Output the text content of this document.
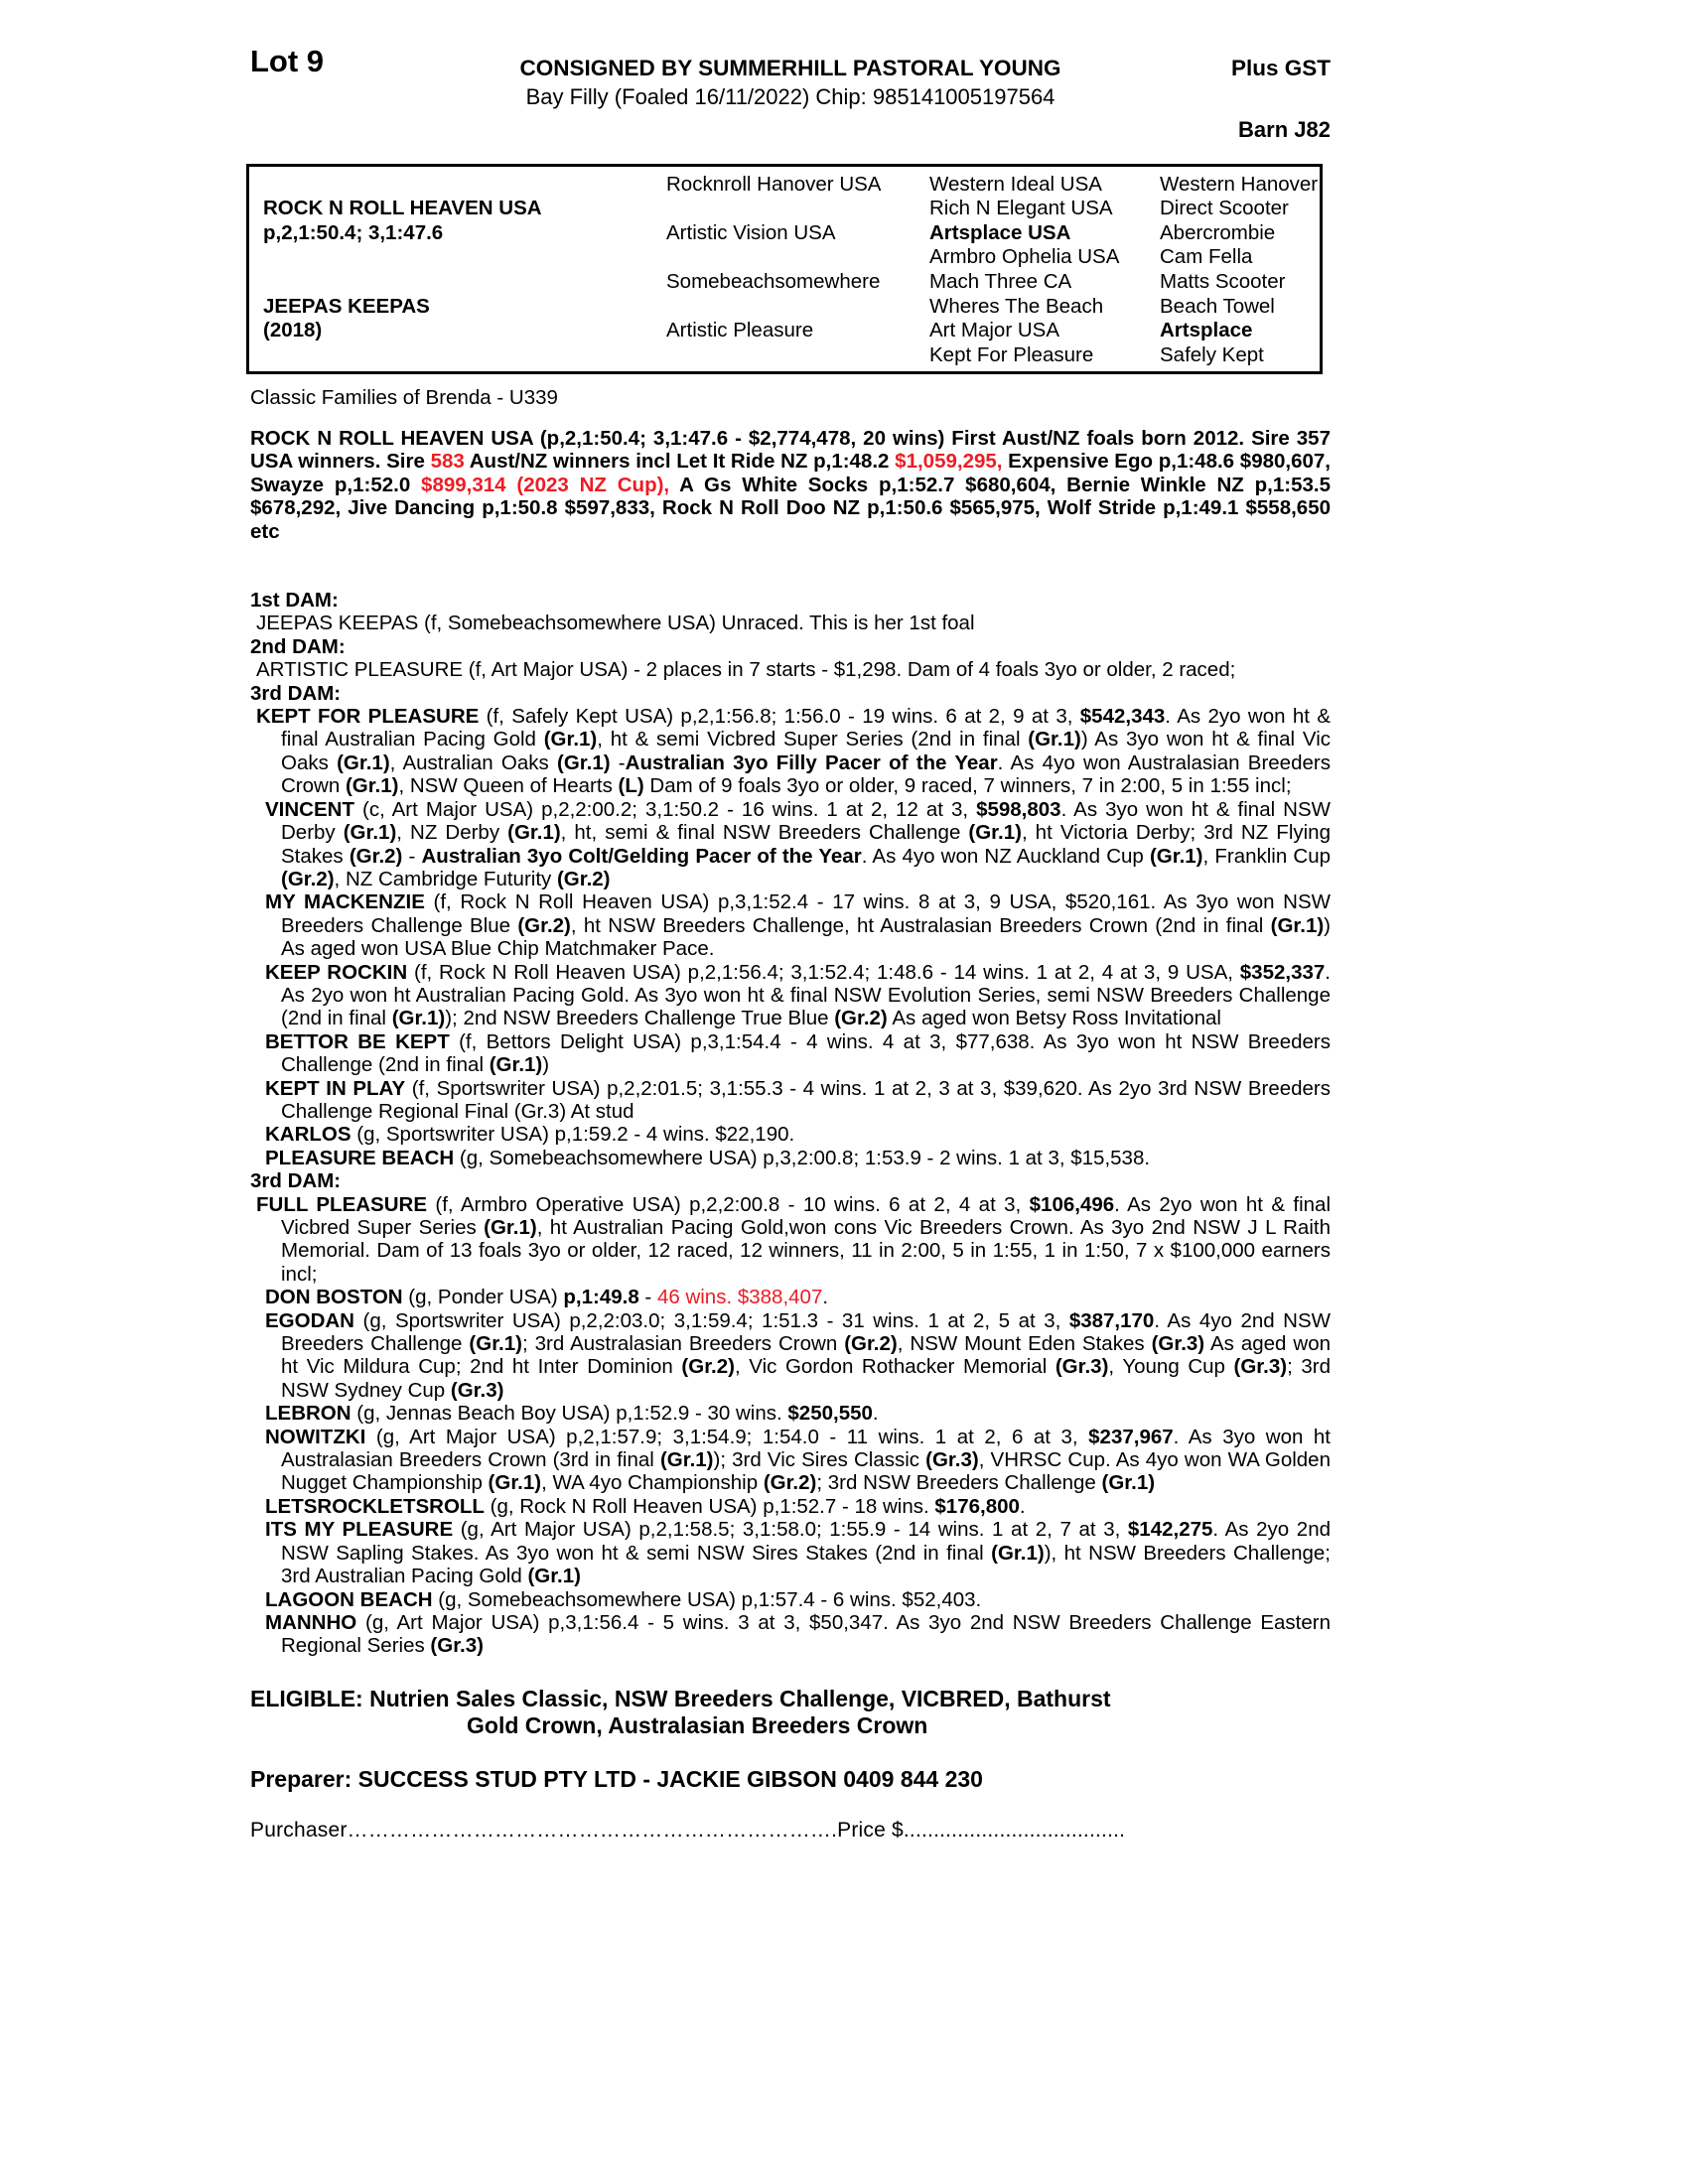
Lot 9	CONSIGNED BY SUMMERHILL PASTORAL YOUNG	Plus GST
Bay Filly (Foaled 16/11/2022) Chip: 985141005197564
Barn J82
ROCK N ROLL HEAVEN USA
p,2,1:50.4; 3,1:47.6
JEEPAS KEEPAS
(2018)
Rocknroll Hanover USA
Artistic Vision USA
Somebeachsomewhere
Artistic Pleasure
Western Ideal USA
Rich N Elegant USA
Artsplace USA
Armbro Ophelia USA
Mach Three CA
Wheres The Beach
Art Major USA
Kept For Pleasure
Western Hanover
Direct Scooter
Abercrombie
Cam Fella
Matts Scooter
Beach Towel
Artsplace
Safely Kept
Classic Families of Brenda - U339
ROCK N ROLL HEAVEN USA (p,2,1:50.4; 3,1:47.6 - $2,774,478, 20 wins) First Aust/NZ foals born 2012. Sire 357 USA winners. Sire 583 Aust/NZ winners incl Let It Ride NZ p,1:48.2 $1,059,295, Expensive Ego p,1:48.6 $980,607, Swayze p,1:52.0 $899,314 (2023 NZ Cup), A Gs White Socks p,1:52.7 $680,604, Bernie Winkle NZ p,1:53.5 $678,292, Jive Dancing p,1:50.8 $597,833, Rock N Roll Doo NZ p,1:50.6 $565,975, Wolf Stride p,1:49.1 $558,650 etc
1st DAM:
JEEPAS KEEPAS (f, Somebeachsomewhere USA) Unraced. This is her 1st foal
2nd DAM:
ARTISTIC PLEASURE (f, Art Major USA) - 2 places in 7 starts - $1,298. Dam of 4 foals 3yo or older, 2 raced;
3rd DAM:
KEPT FOR PLEASURE (f, Safely Kept USA) p,2,1:56.8; 1:56.0 - 19 wins. 6 at 2, 9 at 3, $542,343. As 2yo won ht & final Australian Pacing Gold (Gr.1), ht & semi Vicbred Super Series (2nd in final (Gr.1)) As 3yo won ht & final Vic Oaks (Gr.1), Australian Oaks (Gr.1) -Australian 3yo Filly Pacer of the Year. As 4yo won Australasian Breeders Crown (Gr.1), NSW Queen of Hearts (L) Dam of 9 foals 3yo or older, 9 raced, 7 winners, 7 in 2:00, 5 in 1:55 incl;
VINCENT (c, Art Major USA) p,2,2:00.2; 3,1:50.2 - 16 wins. 1 at 2, 12 at 3, $598,803. As 3yo won ht & final NSW Derby (Gr.1), NZ Derby (Gr.1), ht, semi & final NSW Breeders Challenge (Gr.1), ht Victoria Derby; 3rd NZ Flying Stakes (Gr.2) - Australian 3yo Colt/Gelding Pacer of the Year. As 4yo won NZ Auckland Cup (Gr.1), Franklin Cup (Gr.2), NZ Cambridge Futurity (Gr.2)
MY MACKENZIE (f, Rock N Roll Heaven USA) p,3,1:52.4 - 17 wins. 8 at 3, 9 USA, $520,161. As 3yo won NSW Breeders Challenge Blue (Gr.2), ht NSW Breeders Challenge, ht Australasian Breeders Crown (2nd in final (Gr.1)) As aged won USA Blue Chip Matchmaker Pace.
KEEP ROCKIN (f, Rock N Roll Heaven USA) p,2,1:56.4; 3,1:52.4; 1:48.6 - 14 wins. 1 at 2, 4 at 3, 9 USA, $352,337. As 2yo won ht Australian Pacing Gold. As 3yo won ht & final NSW Evolution Series, semi NSW Breeders Challenge (2nd in final (Gr.1)); 2nd NSW Breeders Challenge True Blue (Gr.2) As aged won Betsy Ross Invitational
BETTOR BE KEPT (f, Bettors Delight USA) p,3,1:54.4 - 4 wins. 4 at 3, $77,638. As 3yo won ht NSW Breeders Challenge (2nd in final (Gr.1))
KEPT IN PLAY (f, Sportswriter USA) p,2,2:01.5; 3,1:55.3 - 4 wins. 1 at 2, 3 at 3, $39,620. As 2yo 3rd NSW Breeders Challenge Regional Final (Gr.3) At stud
KARLOS (g, Sportswriter USA) p,1:59.2 - 4 wins. $22,190.
PLEASURE BEACH (g, Somebeachsomewhere USA) p,3,2:00.8; 1:53.9 - 2 wins. 1 at 3, $15,538.
3rd DAM:
FULL PLEASURE (f, Armbro Operative USA) p,2,2:00.8 - 10 wins. 6 at 2, 4 at 3, $106,496. As 2yo won ht & final Vicbred Super Series (Gr.1), ht Australian Pacing Gold,won cons Vic Breeders Crown. As 3yo 2nd NSW J L Raith Memorial. Dam of 13 foals 3yo or older, 12 raced, 12 winners, 11 in 2:00, 5 in 1:55, 1 in 1:50, 7 x $100,000 earners incl;
DON BOSTON (g, Ponder USA) p,1:49.8 - 46 wins. $388,407.
EGODAN (g, Sportswriter USA) p,2,2:03.0; 3,1:59.4; 1:51.3 - 31 wins. 1 at 2, 5 at 3, $387,170. As 4yo 2nd NSW Breeders Challenge (Gr.1); 3rd Australasian Breeders Crown (Gr.2), NSW Mount Eden Stakes (Gr.3) As aged won ht Vic Mildura Cup; 2nd ht Inter Dominion (Gr.2), Vic Gordon Rothacker Memorial (Gr.3), Young Cup (Gr.3); 3rd NSW Sydney Cup (Gr.3)
LEBRON (g, Jennas Beach Boy USA) p,1:52.9 - 30 wins. $250,550.
NOWITZKI (g, Art Major USA) p,2,1:57.9; 3,1:54.9; 1:54.0 - 11 wins. 1 at 2, 6 at 3, $237,967. As 3yo won ht Australasian Breeders Crown (3rd in final (Gr.1)); 3rd Vic Sires Classic (Gr.3), VHRSC Cup. As 4yo won WA Golden Nugget Championship (Gr.1), WA 4yo Championship (Gr.2); 3rd NSW Breeders Challenge (Gr.1)
LETSROCKLETSROLL (g, Rock N Roll Heaven USA) p,1:52.7 - 18 wins. $176,800.
ITS MY PLEASURE (g, Art Major USA) p,2,1:58.5; 3,1:58.0; 1:55.9 - 14 wins. 1 at 2, 7 at 3, $142,275. As 2yo 2nd NSW Sapling Stakes. As 3yo won ht & semi NSW Sires Stakes (2nd in final (Gr.1)), ht NSW Breeders Challenge; 3rd Australian Pacing Gold (Gr.1)
LAGOON BEACH (g, Somebeachsomewhere USA) p,1:57.4 - 6 wins. $52,403.
MANNHO (g, Art Major USA) p,3,1:56.4 - 5 wins. 3 at 3, $50,347. As 3yo 2nd NSW Breeders Challenge Eastern Regional Series (Gr.3)
ELIGIBLE: Nutrien Sales Classic, NSW Breeders Challenge, VICBRED, Bathurst
Gold Crown, Australasian Breeders Crown
Preparer: SUCCESS STUD PTY LTD - JACKIE GIBSON 0409 844 230
Purchaser…………………………………………………………….Price $.....................................
